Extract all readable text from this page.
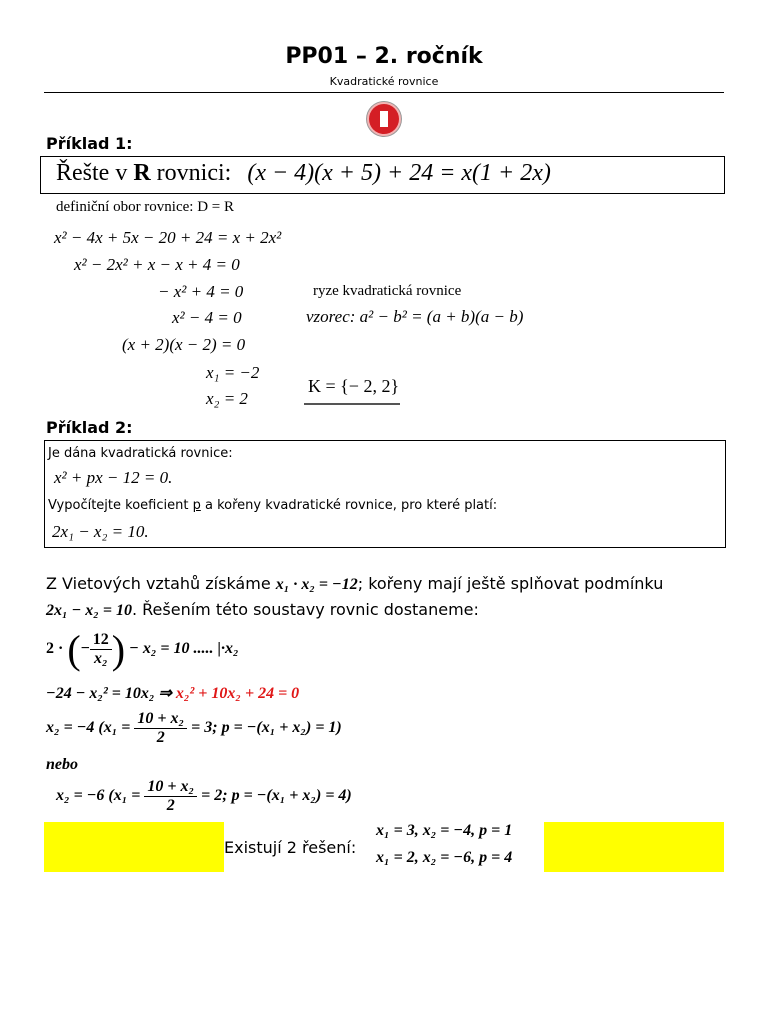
PP01 – 2. ročník
Kvadratické rovnice
Příklad 1:
Řešte v R rovnici: (x − 4)(x + 5) + 24 = x(1 + 2x)
definiční obor rovnice: D = R
x² − 4x + 5x − 20 + 24 = x + 2x²
x² − 2x² + x − x + 4 = 0
− x² + 4 = 0
x² − 4 = 0
(x + 2)(x − 2) = 0
x₁ = −2
x₂ = 2
ryze kvadratická rovnice
vzorec: a² − b² = (a + b)(a − b)
K = {− 2, 2}
Příklad 2:
Je dána kvadratická rovnice:
x² + px − 12 = 0.
Vypočítejte koeficient p a kořeny kvadratické rovnice, pro které platí:
2x₁ − x₂ = 10.
Z Vietových vztahů získáme x₁ · x₂ = −12; kořeny mají ještě splňovat podmínku
2x₁ − x₂ = 10. Řešením této soustavy rovnic dostaneme:
2 · (− $\frac{12}{\text{x₂}}$ ) − x₂ = 10 ..... |·x₂
−24 − x₂² = 10x₂ ⇒ x₂² + 10x₂ + 24 = 0
x₂ = −4 ($x_1 = \frac{\text{10 + x₂}}{2} = 3$; p = −(x₁ + x₂) = 1)
nebo
x₂ = −6 ($x_1 = \frac{\text{10 + x₂}}{2} = 2$; p = −(x₁ + x₂) = 4)
Existují 2 řešení:
x₁ = 3, x₂ = −4, p = 1
x₁ = 2, x₂ = −6, p = 4
